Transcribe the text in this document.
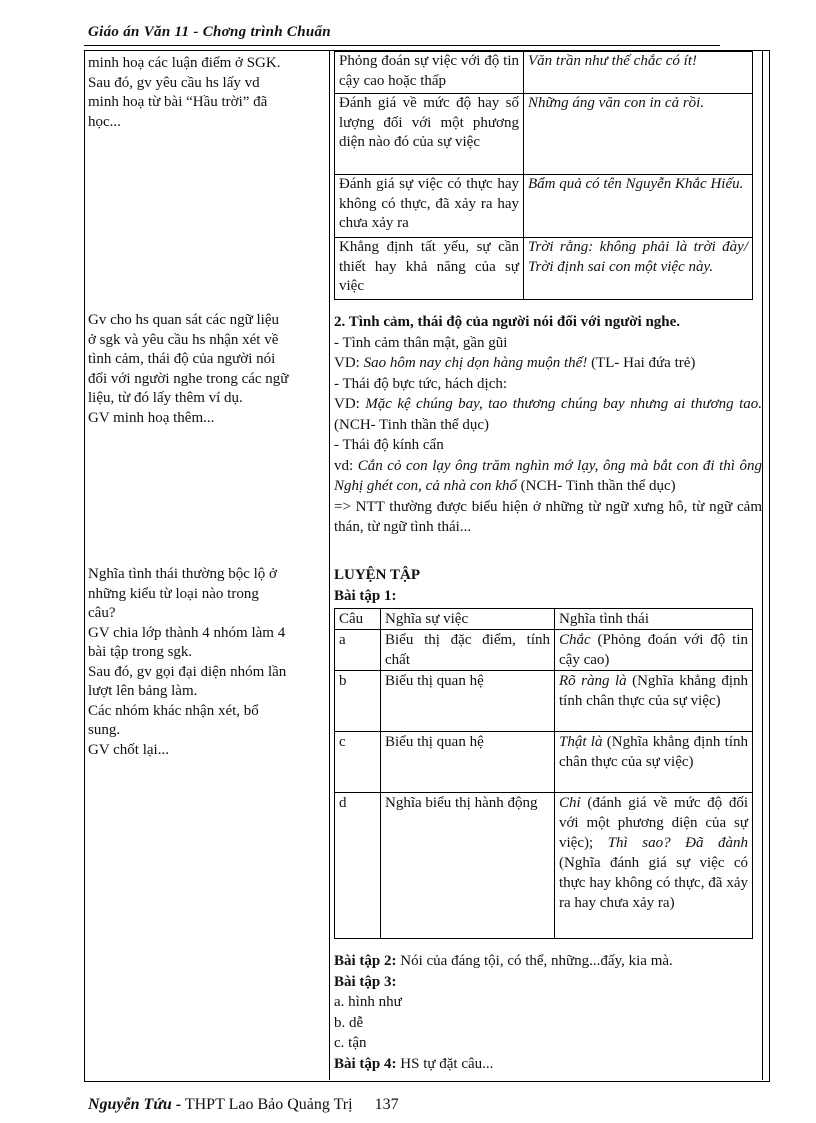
Giáo án Văn 11 - Chơng trình Chuẩn
minh hoạ các luận điểm ở SGK.
Sau đó, gv yêu cầu hs lấy vd
minh hoạ từ bài “Hầu trời” đã
học...
Gv cho hs quan sát các ngữ liệu
ở sgk và yêu cầu hs nhận xét về
tình cảm, thái độ của người nói
đối với người nghe trong các ngữ
liệu, từ đó lấy thêm ví dụ.
GV minh hoạ thêm...
Nghĩa tình thái thường bộc lộ ở
những kiểu từ loại nào trong
câu?
GV chia lớp thành 4 nhóm làm 4
bài tập trong sgk.
Sau đó, gv gọi đại diện nhóm lần
lượt lên bảng làm.
Các nhóm khác nhận xét, bổ
sung.
GV chốt lại...
Phỏng đoán sự việc với độ tin cậy cao hoặc thấp	Văn trần như thế chắc có ít!
Đánh giá về mức độ hay số lượng đối với một phương diện nào đó của sự việc	Những áng văn con in cả rồi.
Đánh giá sự việc có thực hay không có thực, đã xảy ra hay chưa xảy ra	Bẩm quả có tên Nguyễn Khắc Hiếu.
Khẳng định tất yếu, sự cần thiết hay khả năng của sự việc	Trời rằng: không phải là trời đày/ Trời định sai con một việc này.

2. Tình cảm, thái độ của người nói đối với người nghe.

- Tình cảm thân mật, gần gũi

VD: Sao hôm nay chị dọn hàng muộn thế! (TL- Hai đứa trẻ)

- Thái độ bực tức, hách dịch:

VD: Mặc kệ chúng bay, tao thương chúng bay nhưng ai thương tao. (NCH- Tinh thần thể dục)

- Thái độ kính cẩn

vd: Cắn cỏ con lạy ông trăm nghìn mớ lạy, ông mà bắt con đi thì ông Nghị ghét con, cả nhà con khổ (NCH- Tinh thần thể dục)

=> NTT thường được biểu hiện ở những từ ngữ xưng hô, từ ngữ cảm thán, từ ngữ tình thái...

LUYỆN TẬP

Bài tập 1:

Câu	Nghĩa sự việc	Nghĩa tình thái
a	Biểu thị đặc điểm, tính chất	Chắc (Phỏng đoán với độ tin cậy cao)
b	Biểu thị quan hệ	Rõ ràng là (Nghĩa khẳng định tính chân thực của sự việc)
c	Biểu thị quan hệ	Thật là (Nghĩa khẳng định tính chân thực của sự việc)
d	Nghĩa biểu thị hành động	Chỉ (đánh giá về mức độ đối với một phương diện của sự việc); Thì sao? Đã đành (Nghĩa đánh giá sự việc có thực hay không có thực, đã xảy ra hay chưa xảy ra)

Bài tập 2: Nói của đáng tội, có thể, những...đấy, kia mà.

Bài tập 3:

a. hình như

b. dễ

c. tận

Bài tập 4: HS tự đặt câu...

Nguyễn Tứu - THPT Lao Bảo Quảng Trị 137
